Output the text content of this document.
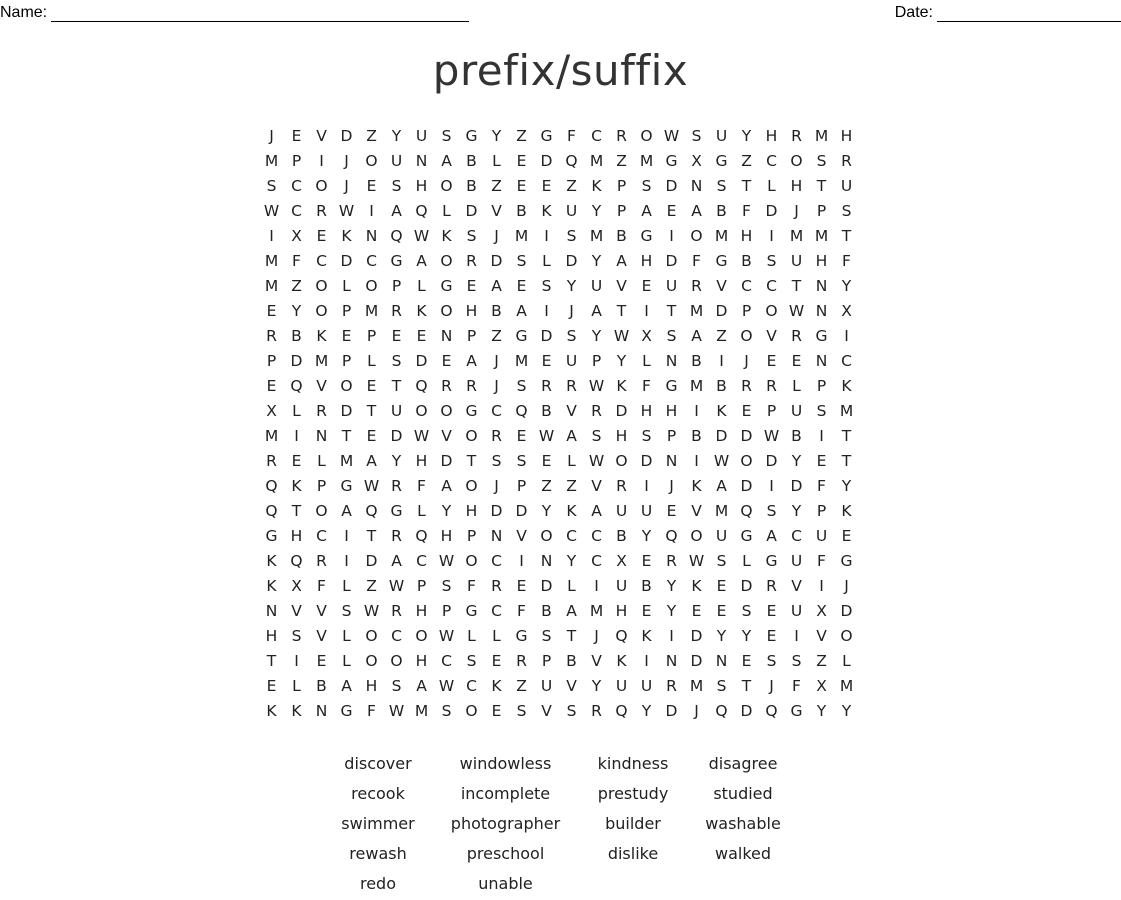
Name:	Date:
prefix/suffix
J	E V D Z Y U S G Y Z G F C R O W S U Y H R M H
M P	I	J	O U N A B L	E D Q M Z M G X G Z C O S R
S C O	J	E S H O B Z E E Z K P S D N S T	L H T U
W C R W I	A Q L D V B K U Y	P A E A B F D	J	P S
I	X E K N Q W K S	J	M	I	S M B G	I	O M H	I	M M T
M F C D C G A O R D S	L D Y A H D F G B S U H F
M Z O L O P	L G E A E S Y U V E U R V C C T N Y
E Y O P M R K O H B A	I	J	A T	I	T M D P O W N X
R B K E P E E N P Z G D S Y W X S A Z O V R G	I
P D M P	L	S D E A	J	M E U P	Y	L N B	I	J	E E N C
E Q V O E T Q R R	J	S R R W K F G M B R R L	P K
X L R D T U O O G C Q B V R D H H	I	K E P U S M
M	I	N T E D W V O R E W A S H S P B D D W B	I	T
R E	L M A Y H D T S S E	L W O D N	I W O D Y E T
Q K P G W R F A O	J	P Z Z V R	I	J	K A D	I	D F	Y
Q T O A Q G L	Y H D D Y K A U U E V M Q S Y	P K
G H C	I	T R Q H P N V O C C B Y Q O U G A C U E
K Q R	I	D A C W O C	I	N Y C X E R W S	L G U F G
K X F	L Z W P S	F R E D L	I	U B Y K E D R V	I	J
N V V S W R H P G C F B A M H E Y E E S E U X D
H S V L O C O W L	L G S T	J	Q K	I	D Y	Y E	I	V O
T	I	E	L O O H C S E R P B V K	I	N D N E S S Z L
E	L B A H S A W C K Z U V Y U U R M S T	J	F X M
K K N G F W M S O E S V S R Q Y D	J	Q D Q G Y	Y
discover	windowless	kindness	disagree
recook	incomplete	prestudy	studied
swimmer	photographer	builder	washable
rewash	preschool	dislike	walked
redo	unable
